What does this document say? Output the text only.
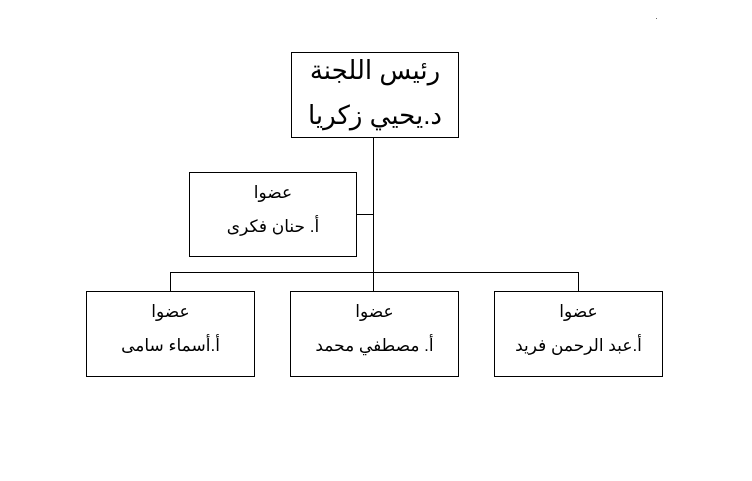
رئيس اللجنة
د.يحيي زكريا
عضوا
أ. حنان فكرى
عضوا
أ.أسماء سامى
عضوا
أ. مصطفي محمد
عضوا
أ.عبد الرحمن فريد
